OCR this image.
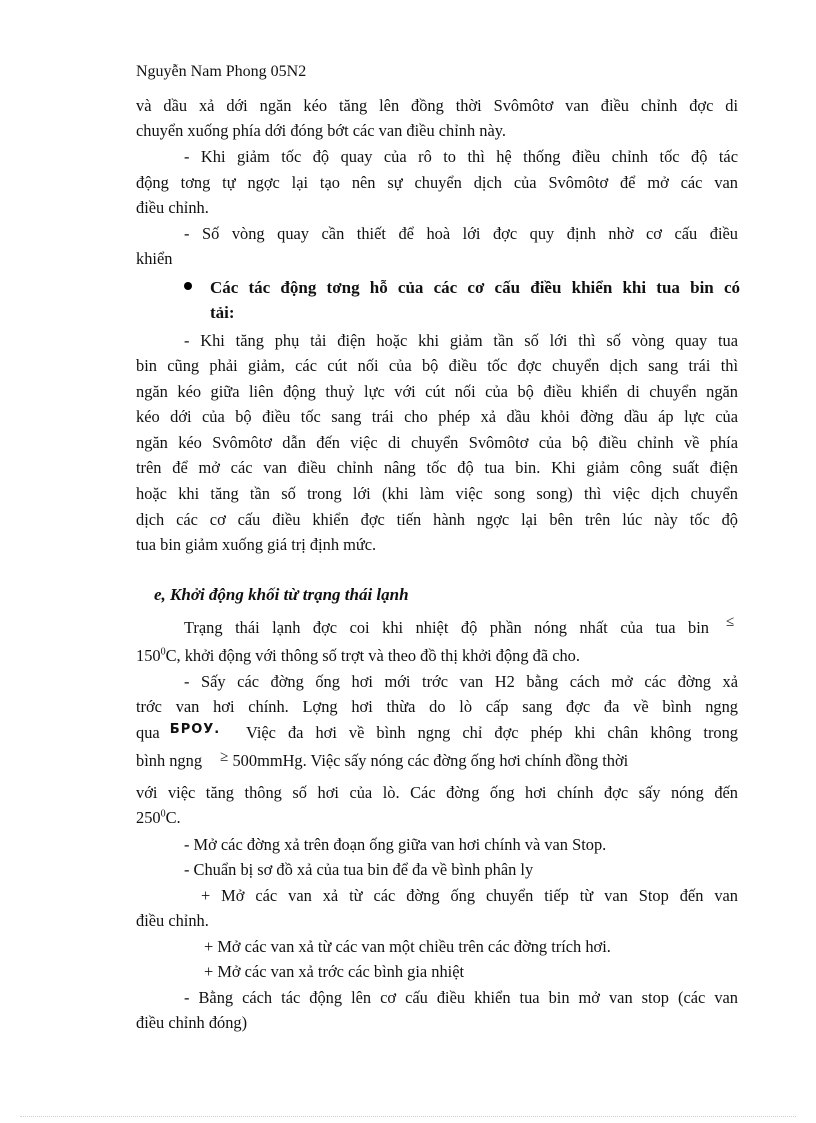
Nguyễn Nam Phong 05N2
và dầu xả dới ngăn kéo tăng lên đồng thời Svômôtơ van điều chỉnh đợc di
chuyển xuống phía dới đóng bớt các van điều chỉnh này.
- Khi giảm tốc độ quay của rô to thì hệ thống điều chỉnh tốc độ tác
động tơng tự ngợc lại tạo nên sự chuyển dịch của Svômôtơ để mở các van
điều chỉnh.
- Số vòng quay cần thiết để hoà lới đợc quy định nhờ cơ cấu điều
khiển
Các tác động tơng hỗ của các cơ cấu điều khiển khi tua bin có
tải:
- Khi tăng phụ tải điện hoặc khi giảm tần số lới thì số vòng quay tua
bin cũng phải giảm, các cút nối của bộ điều tốc đợc chuyển dịch sang trái thì
ngăn kéo giữa liên động thuỷ lực với cút nối của bộ điều khiển di chuyển ngăn
kéo dới của bộ điều tốc sang trái cho phép xả dầu khỏi đờng dầu áp lực của
ngăn kéo Svômôtơ dẫn đến việc di chuyển Svômôtơ của bộ điều chỉnh về phía
trên để mở các van điều chỉnh nâng tốc độ tua bin. Khi giảm công suất điện
hoặc khi tăng tần số trong lới (khi làm việc song song) thì việc dịch chuyển
dịch các cơ cấu điều khiển đợc tiến hành ngợc lại bên trên lúc này tốc độ
tua bin giảm xuống giá trị định mức.
e, Khởi động khối từ trạng thái lạnh
Trạng thái lạnh đợc coi khi nhiệt độ phần nóng nhất của tua bin ≤
$150^0C$, khởi động với thông số trợt và theo đồ thị khởi động đã cho.
- Sấy các đờng ống hơi mới trớc van H2 bằng cách mở các đờng xả
trớc van hơi chính. Lợng hơi thừa do lò cấp sang đợc đa về bình ngng
qua $^{БРОУ.}$ Việc đa hơi về bình ngng chỉ đợc phép khi chân không trong
bình ngng ≥ 500mmHg. Việc sấy nóng các đờng ống hơi chính đồng thời
với việc tăng thông số hơi của lò. Các đờng ống hơi chính đợc sấy nóng đến
$250^0C$.
- Mở các đờng xả trên đoạn ống giữa van hơi chính và van Stop.
- Chuẩn bị sơ đồ xả của tua bin để đa về bình phân ly
+ Mở các van xả từ các đờng ống chuyển tiếp từ van Stop đến van
điều chỉnh.
+ Mở các van xả từ các van một chiều trên các đờng trích hơi.
+ Mở các van xả trớc các bình gia nhiệt
- Bằng cách tác động lên cơ cấu điều khiển tua bin mở van stop (các van
điều chỉnh đóng)
